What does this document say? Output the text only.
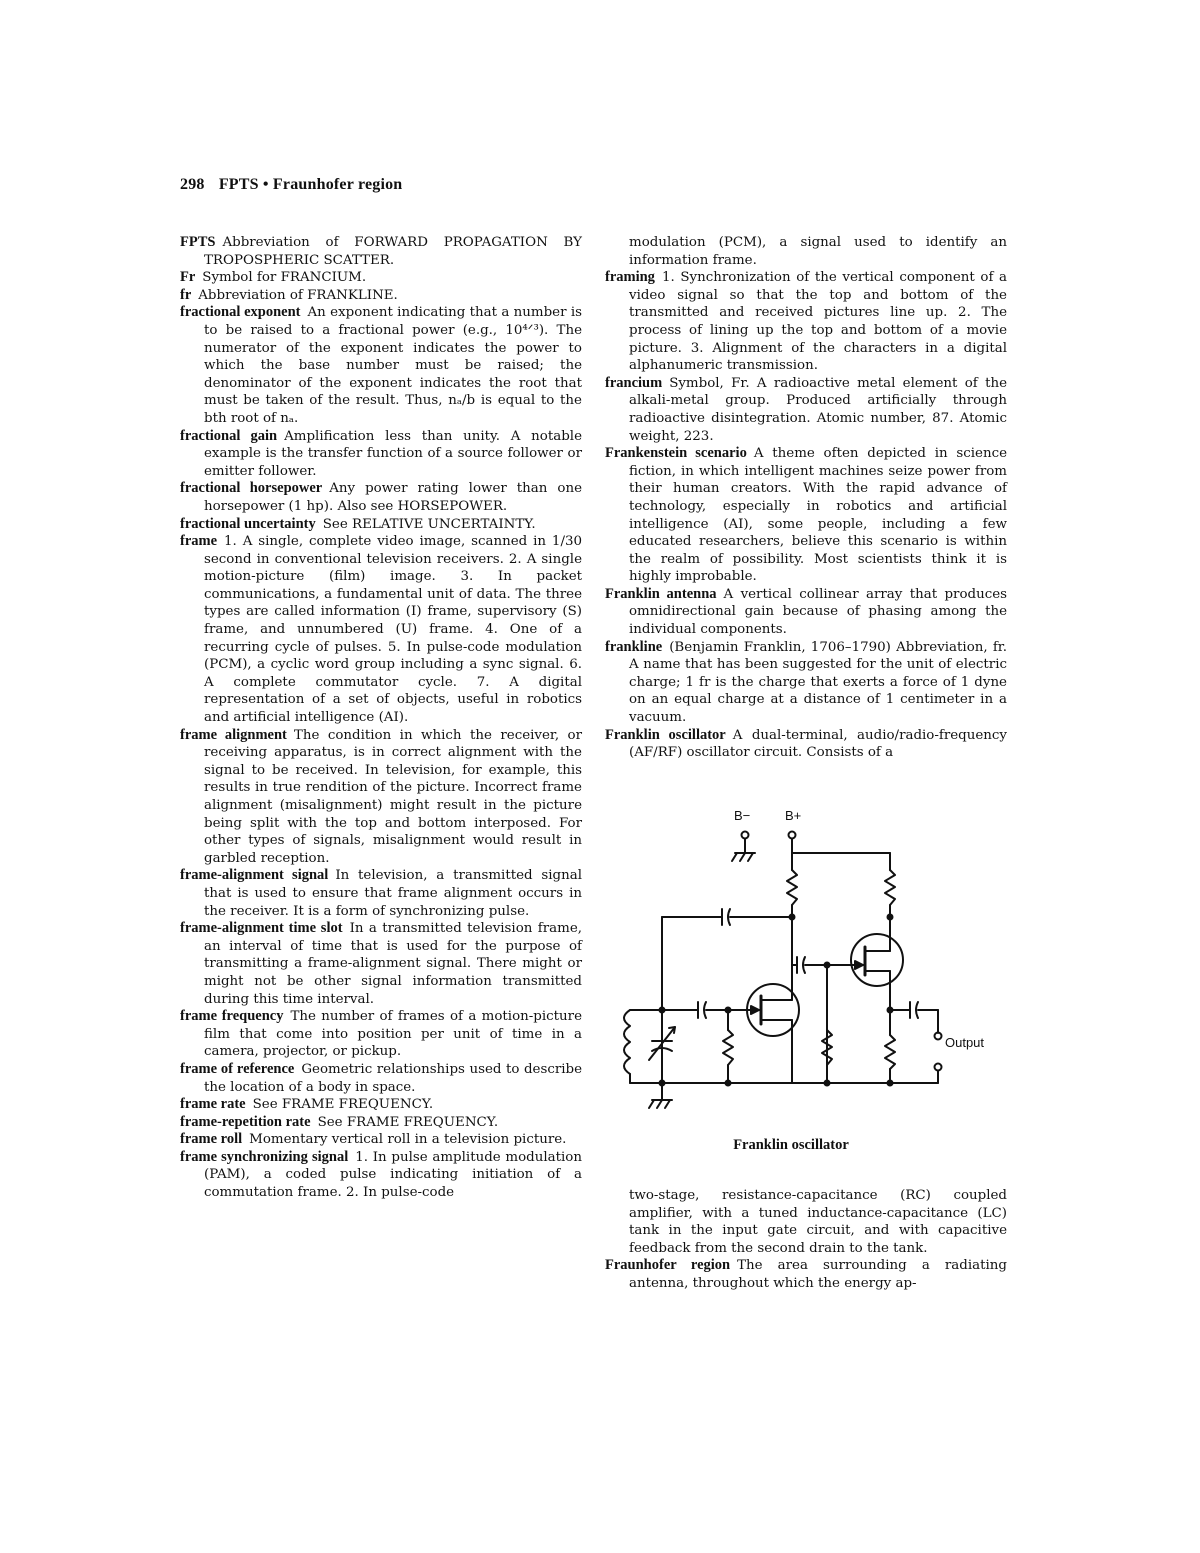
298 FPTS • Fraunhofer region

FPTS Abbreviation of FORWARD PROPAGATION BY TROPOSPHERIC SCATTER.

Fr Symbol for FRANCIUM.

fr Abbreviation of FRANKLINE.

fractional exponent An exponent indicating that a number is to be raised to a fractional power (e.g., 10⁴ᐟ³). The numerator of the exponent indicates the power to which the base number must be raised; the denominator of the exponent indicates the root that must be taken of the result. Thus, nₐ/b is equal to the bth root of nₐ.

fractional gain Amplification less than unity. A notable example is the transfer function of a source follower or emitter follower.

fractional horsepower Any power rating lower than one horsepower (1 hp). Also see HORSEPOWER.

fractional uncertainty See RELATIVE UNCERTAINTY.

frame 1. A single, complete video image, scanned in 1/30 second in conventional television receivers. 2. A single motion-picture (film) image. 3. In packet communications, a fundamental unit of data. The three types are called information (I) frame, supervisory (S) frame, and unnumbered (U) frame. 4. One of a recurring cycle of pulses. 5. In pulse-code modulation (PCM), a cyclic word group including a sync signal. 6. A complete commutator cycle. 7. A digital representation of a set of objects, useful in robotics and artificial intelligence (AI).

frame alignment The condition in which the receiver, or receiving apparatus, is in correct alignment with the signal to be received. In television, for example, this results in true rendition of the picture. Incorrect frame alignment (misalignment) might result in the picture being split with the top and bottom interposed. For other types of signals, misalignment would result in garbled reception.

frame-alignment signal In television, a transmitted signal that is used to ensure that frame alignment occurs in the receiver. It is a form of synchronizing pulse.

frame-alignment time slot In a transmitted television frame, an interval of time that is used for the purpose of transmitting a frame-alignment signal. There might or might not be other signal information transmitted during this time interval.

frame frequency The number of frames of a motion-picture film that come into position per unit of time in a camera, projector, or pickup.

frame of reference Geometric relationships used to describe the location of a body in space.

frame rate See FRAME FREQUENCY.

frame-repetition rate See FRAME FREQUENCY.

frame roll Momentary vertical roll in a television picture.

frame synchronizing signal 1. In pulse amplitude modulation (PAM), a coded pulse indicating initiation of a commutation frame. 2. In pulse-code

modulation (PCM), a signal used to identify an information frame.

framing 1. Synchronization of the vertical component of a video signal so that the top and bottom of the transmitted and received pictures line up. 2. The process of lining up the top and bottom of a movie picture. 3. Alignment of the characters in a digital alphanumeric transmission.

francium Symbol, Fr. A radioactive metal element of the alkali-metal group. Produced artificially through radioactive disintegration. Atomic number, 87. Atomic weight, 223.

Frankenstein scenario A theme often depicted in science fiction, in which intelligent machines seize power from their human creators. With the rapid advance of technology, especially in robotics and artificial intelligence (AI), some people, including a few educated researchers, believe this scenario is within the realm of possibility. Most scientists think it is highly improbable.

Franklin antenna A vertical collinear array that produces omnidirectional gain because of phasing among the individual components.

frankline (Benjamin Franklin, 1706–1790) Abbreviation, fr. A name that has been suggested for the unit of electric charge; 1 fr is the charge that exerts a force of 1 dyne on an equal charge at a distance of 1 centimeter in a vacuum.

Franklin oscillator A dual-terminal, audio/radio-frequency (AF/RF) oscillator circuit. Consists of a

B−	B+
Output
Franklin oscillator

two-stage, resistance-capacitance (RC) coupled amplifier, with a tuned inductance-capacitance (LC) tank in the input gate circuit, and with capacitive feedback from the second drain to the tank.

Fraunhofer region The area surrounding a radiating antenna, throughout which the energy ap-
